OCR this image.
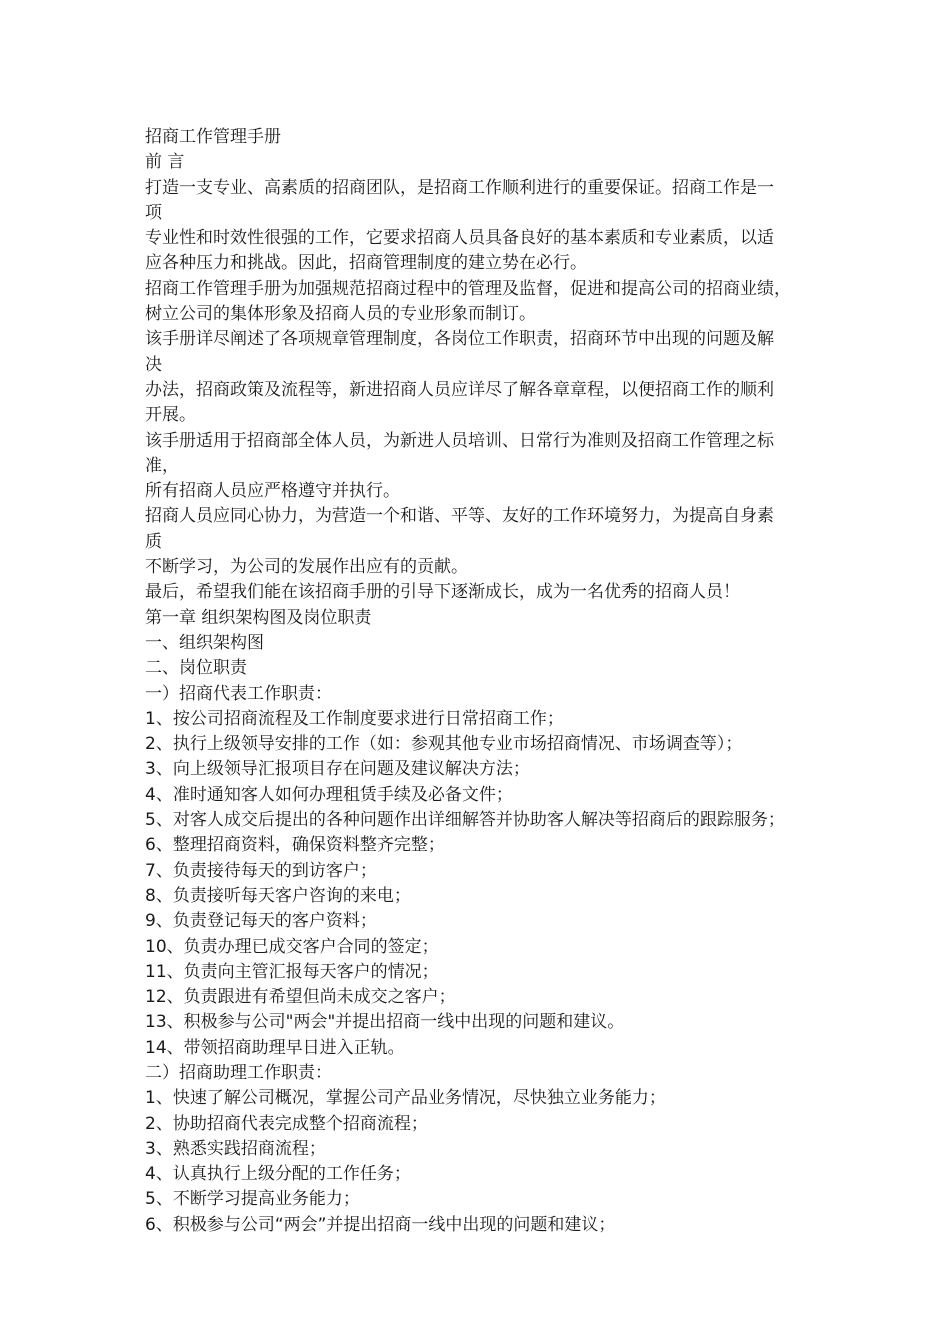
招商工作管理手册

前 言

打造一支专业、高素质的招商团队，是招商工作顺利进行的重要保证。招商工作是一

项

专业性和时效性很强的工作，它要求招商人员具备良好的基本素质和专业素质，以适

应各种压力和挑战。因此，招商管理制度的建立势在必行。

招商工作管理手册为加强规范招商过程中的管理及监督，促进和提高公司的招商业绩，

树立公司的集体形象及招商人员的专业形象而制订。

该手册详尽阐述了各项规章管理制度，各岗位工作职责，招商环节中出现的问题及解

决

办法，招商政策及流程等，新进招商人员应详尽了解各章章程，以便招商工作的顺利

开展。

该手册适用于招商部全体人员，为新进人员培训、日常行为准则及招商工作管理之标

准，

所有招商人员应严格遵守并执行。

招商人员应同心协力，为营造一个和谐、平等、友好的工作环境努力，为提高自身素

质

不断学习，为公司的发展作出应有的贡献。

最后，希望我们能在该招商手册的引导下逐渐成长，成为一名优秀的招商人员！

第一章 组织架构图及岗位职责

一、组织架构图

二、岗位职责

一）招商代表工作职责：

1、按公司招商流程及工作制度要求进行日常招商工作；

2、执行上级领导安排的工作（如：参观其他专业市场招商情况、市场调查等）；

3、向上级领导汇报项目存在问题及建议解决方法；

4、准时通知客人如何办理租赁手续及必备文件；

5、对客人成交后提出的各种问题作出详细解答并协助客人解决等招商后的跟踪服务；

6、整理招商资料，确保资料整齐完整；

7、负责接待每天的到访客户；

8、负责接听每天客户咨询的来电；

9、负责登记每天的客户资料；

10、负责办理已成交客户合同的签定；

11、负责向主管汇报每天客户的情况；

12、负责跟进有希望但尚未成交之客户；

13、积极参与公司"两会"并提出招商一线中出现的问题和建议。

14、带领招商助理早日进入正轨。

二）招商助理工作职责：

1、快速了解公司概况，掌握公司产品业务情况，尽快独立业务能力；

2、协助招商代表完成整个招商流程；

3、熟悉实践招商流程；

4、认真执行上级分配的工作任务；

5、不断学习提高业务能力；

6、积极参与公司“两会”并提出招商一线中出现的问题和建议；
